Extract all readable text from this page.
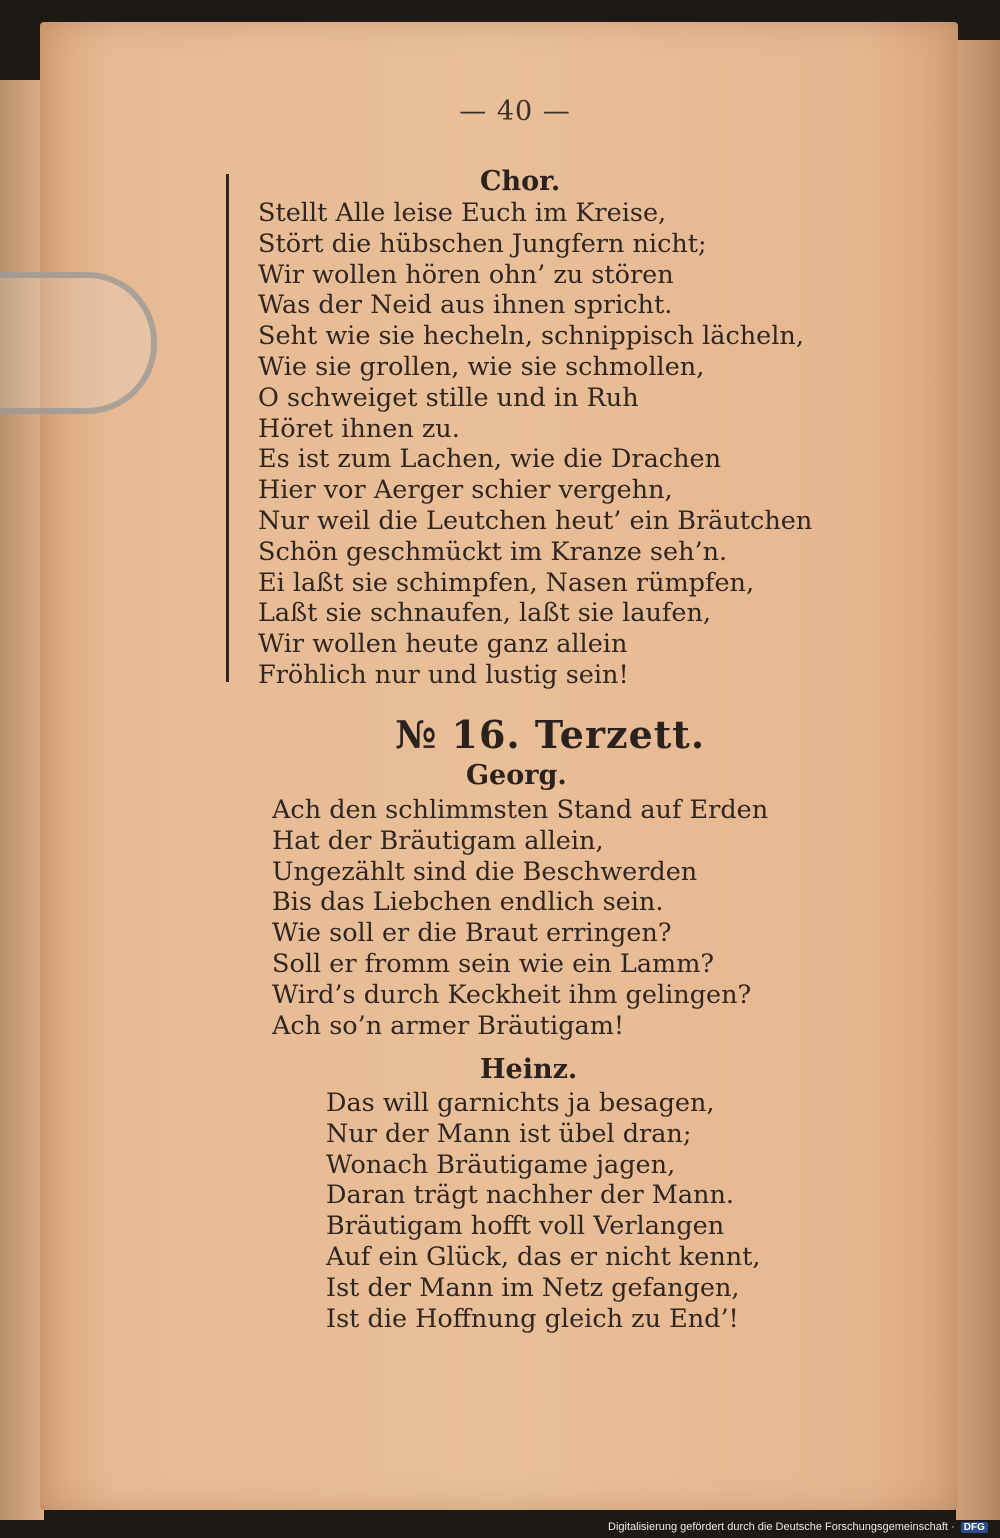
— 40 —
Chor.
Stellt Alle leise Euch im Kreise,
Stört die hübschen Jungfern nicht;
Wir wollen hören ohn’ zu stören
Was der Neid aus ihnen spricht.
Seht wie sie hecheln, schnippisch lächeln,
Wie sie grollen, wie sie schmollen,
O schweiget stille und in Ruh
Höret ihnen zu.
Es ist zum Lachen, wie die Drachen
Hier vor Aerger schier vergehn,
Nur weil die Leutchen heut’ ein Bräutchen
Schön geschmückt im Kranze seh’n.
Ei laßt sie schimpfen, Nasen rümpfen,
Laßt sie schnaufen, laßt sie laufen,
Wir wollen heute ganz allein
Fröhlich nur und lustig sein!
№ 16. Terzett.
Georg.
Ach den schlimmsten Stand auf Erden
Hat der Bräutigam allein,
Ungezählt sind die Beschwerden
Bis das Liebchen endlich sein.
Wie soll er die Braut erringen?
Soll er fromm sein wie ein Lamm?
Wird’s durch Keckheit ihm gelingen?
Ach so’n armer Bräutigam!
Heinz.
Das will garnichts ja besagen,
Nur der Mann ist übel dran;
Wonach Bräutigame jagen,
Daran trägt nachher der Mann.
Bräutigam hofft voll Verlangen
Auf ein Glück, das er nicht kennt,
Ist der Mann im Netz gefangen,
Ist die Hoffnung gleich zu End’!
Digitalisierung gefördert durch die Deutsche Forschungsgemeinschaft · DFG
